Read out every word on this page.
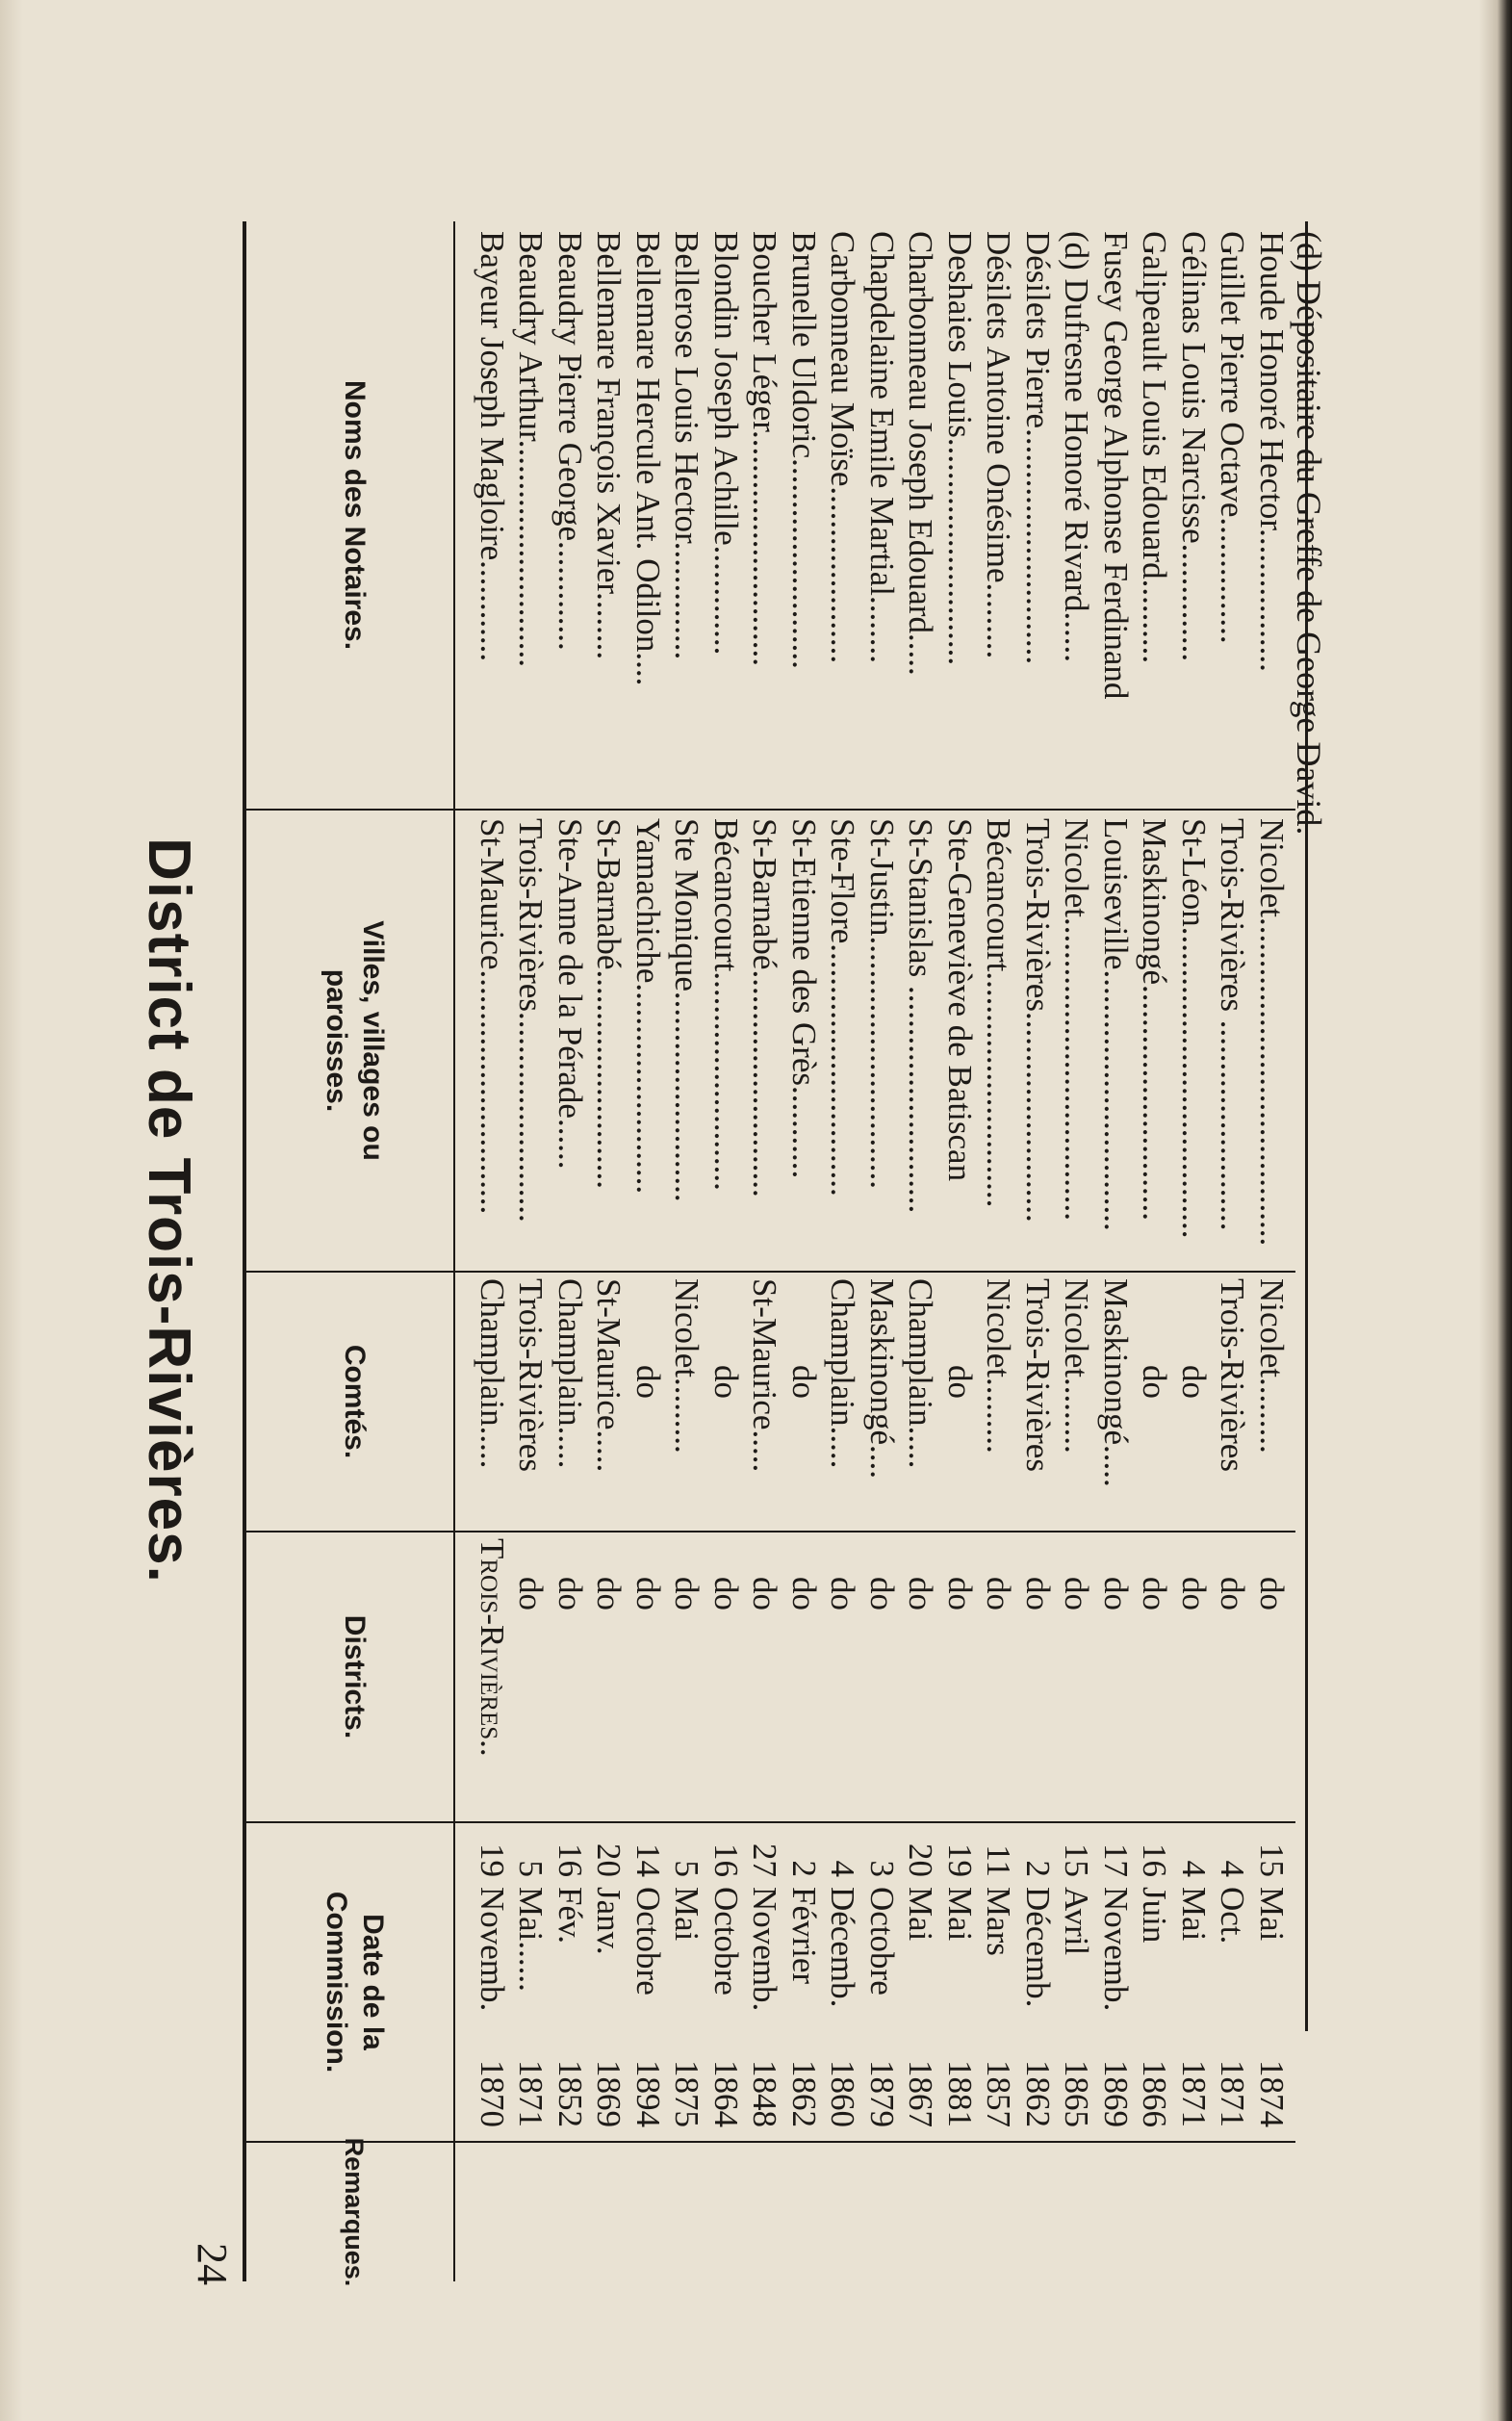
District de Trois-Rivières.
24
Noms des Notaires.
Villes, villages ou paroisses.
Comtés.
Districts.
Date de la Commission.
Remarques.
Bayeur Joseph Magloire............
St-Maurice.............................
Champlain.....
Trois-Rivières..
19
Novemb.
1870
Beaudry Arthur...........................
Trois-Rivières.........................
Trois-Rivières
do
5
Mai......
1871
Beaudry Pierre George.............
Ste-Anne de la Pérade......
Champlain.....
do
16
Fév.
1852
Bellemare François Xavier........
St-Barnabé..........................
St-Maurice.....
do
20
Janv.
1869
Bellemare Hercule Ant. Odilon....
Yamachiche.........................
do
do
14
Octobre
1894
Bellerose Louis Hector..............
Ste Monique.........................
Nicolet.........
do
5
Mai
1875
Blondin Joseph Achille.............
Bécancourt..........................
do
do
16
Octobre
1864
Boucher Léger............................
St-Barnabé...........................
St-Maurice.....
do
27
Novemb.
1848
Brunelle Uldoric.........................
St-Etienne des Grès...........
do
do
2
Février
1862
Carbonneau Moïse.....................
Ste-Flore..............................
Champlain.....
do
4
Décemb.
1860
Chapdelaine Emile Martial........
St-Justin..............................
Maskinongé....
do
3
Octobre
1879
Charbonneau Joseph Edouard.....
St-Stanislas ...........................
Champlain.....
do
20
Mai
1867
Deshaies Louis...........................
Ste-Geneviève de Batiscan
do
do
19
Mai
1881
Désilets Antoine Onésime.........
Bécancourt............................
Nicolet.........
do
11
Mars
1857
Désilets Pierre............................
Trois-Rivières.........................
Trois-Rivières
do
2
Décemb.
1862
(d) Dufresne Honoré Rivard......
Nicolet....................................
Nicolet.........
do
15
Avril
1865
Fusey George Alphonse Ferdinand
Louiseville...............................
Maskinongé.....
do
17
Novemb.
1869
Galipeault Louis Edouard..........
Maskinongé............................
do
do
16
Juin
1866
Gélinas Louis Narcisse..............
St-Léon.....................................
do
do
4
Mai
1871
Guillet Pierre Octave...............
Trois-Rivières .........................
Trois-Rivières
do
4
Oct.
1871
Houde Honoré Hector.................
Nicolet.......................................
Nicolet.........
do
15
Mai
1874
(d) Dépositaire du Greffe de George David.
